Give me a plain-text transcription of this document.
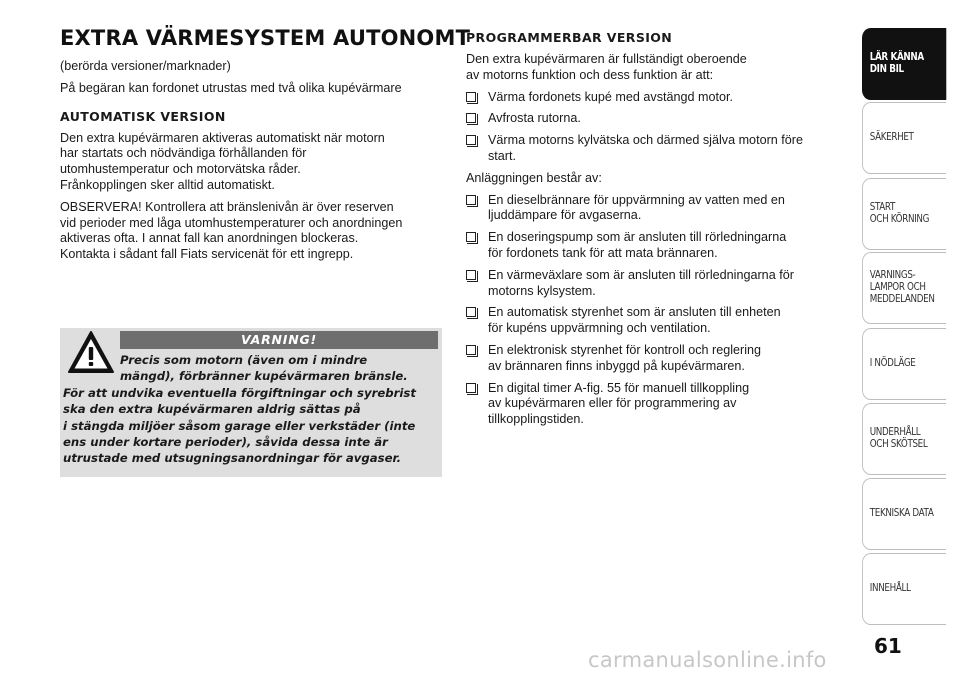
EXTRA VÄRMESYSTEM AUTONOMT

(berörda versioner/marknader)

På begäran kan fordonet utrustas med två olika kupévärmare

AUTOMATISK VERSION

Den extra kupévärmaren aktiveras automatiskt när motorn
har startats och nödvändiga förhållanden för
utomhustemperatur och motorvätska råder.
Frånkopplingen sker alltid automatiskt.

OBSERVERA! Kontrollera att bränslenivån är över reserven
vid perioder med låga utomhustemperaturer och anordningen
aktiveras ofta. I annat fall kan anordningen blockeras.
Kontakta i sådant fall Fiats servicenät för ett ingrepp.

VARNING!
Precis som motorn (även om i mindre
mängd), förbränner kupévärmaren bränsle.
För att undvika eventuella förgiftningar och syrebrist
ska den extra kupévärmaren aldrig sättas på
i stängda miljöer såsom garage eller verkstäder (inte
ens under kortare perioder), såvida dessa inte är
utrustade med utsugningsanordningar för avgaser.
PROGRAMMERBAR VERSION

Den extra kupévärmaren är fullständigt oberoende
av motorns funktion och dess funktion är att:

Värma fordonets kupé med avstängd motor.
Avfrosta rutorna.
Värma motorns kylvätska och därmed själva motorn före
start.

Anläggningen består av:

En dieselbrännare för uppvärmning av vatten med en
ljuddämpare för avgaserna.
En doseringspump som är ansluten till rörledningarna
för fordonets tank för att mata brännaren.
En värmeväxlare som är ansluten till rörledningarna för
motorns kylsystem.
En automatisk styrenhet som är ansluten till enheten
för kupéns uppvärmning och ventilation.
En elektronisk styrenhet för kontroll och reglering
av brännaren finns inbyggd på kupévärmaren.
En digital timer A-fig. 55 för manuell tillkoppling
av kupévärmaren eller för programmering av
tillkopplingstiden.
LÄR KÄNNA
DIN BIL
SÄKERHET
START
OCH KÖRNING
VARNINGS-
LAMPOR OCH
MEDDELANDEN
I NÖDLÄGE
UNDERHÅLL
OCH SKÖTSEL
TEKNISKA DATA
INNEHÅLL
61
carmanualsonline.info
